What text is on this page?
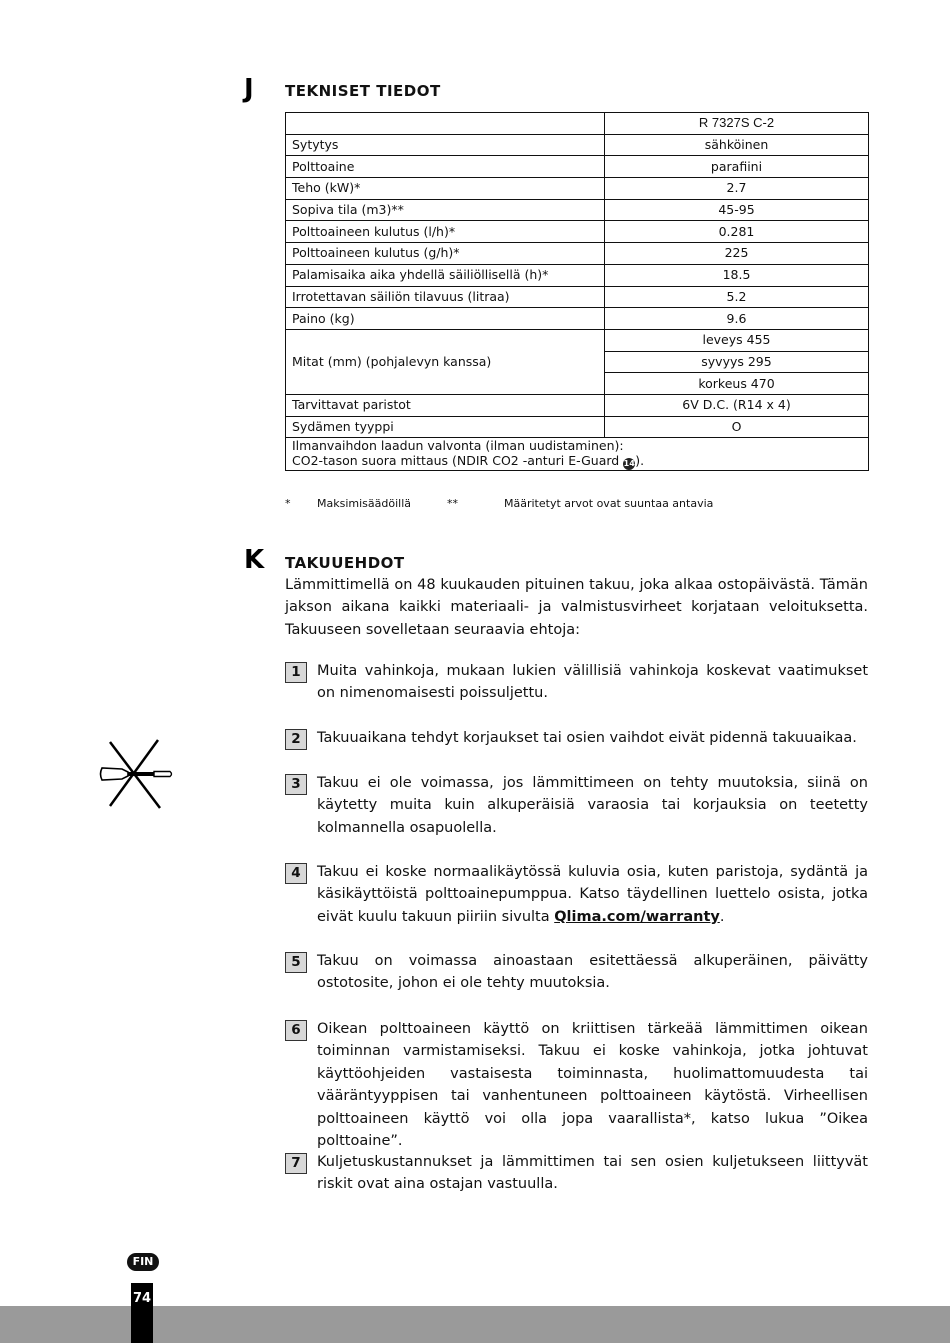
J TEKNISET TIEDOT
	R 7327S C-2
Sytytys	sähköinen
Polttoaine	parafiini
Teho (kW)*	2.7
Sopiva tila (m3)**	45-95
Polttoaineen kulutus (l/h)*	0.281
Polttoaineen kulutus (g/h)*	225
Palamisaika aika yhdellä säiliöllisellä (h)*	18.5
Irrotettavan säiliön tilavuus (litraa)	5.2
Paino (kg)	9.6
Mitat (mm) (pohjalevyn kanssa)	leveys 455
	syvyys 295
	korkeus 470
Tarvittavat paristot	6V D.C. (R14 x 4)
Sydämen tyyppi	O

Ilmanvaihdon laadun valvonta (ilman uudistaminen):
CO2-tason suora mittaus (NDIR CO2 -anturi E-Guard 14).	
* Maksimisäädöillä	**	Määritetyt arvot ovat suuntaa antavia
K TAKUUEHDOT
Lämmittimellä on 48 kuukauden pituinen takuu, joka alkaa ostopäivästä. Tämän jakson aikana kaikki materiaali- ja valmistusvirheet korjataan veloituksetta. Takuuseen sovelletaan seuraavia ehtoja:
1	Muita vahinkoja, mukaan lukien välillisiä vahinkoja koskevat vaatimukset on nimenomaisesti poissuljettu.
2	Takuuaikana tehdyt korjaukset tai osien vaihdot eivät pidennä takuuaikaa.
3	Takuu ei ole voimassa, jos lämmittimeen on tehty muutoksia, siinä on käytetty muita kuin alkuperäisiä varaosia tai korjauksia on teetetty kolmannella osapuolella.
4	Takuu ei koske normaalikäytössä kuluvia osia, kuten paristoja, sydäntä ja käsikäyttöistä polttoainepumppua. Katso täydellinen luettelo osista, jotka eivät kuulu takuun piiriin sivulta Qlima.com/warranty.
5	Takuu on voimassa ainoastaan esitettäessä alkuperäinen, päivätty ostotosite, johon ei ole tehty muutoksia.
6	Oikean polttoaineen käyttö on kriittisen tärkeää lämmittimen oikean toiminnan varmistamiseksi. Takuu ei koske vahinkoja, jotka johtuvat käyttöohjeiden vastaisesta toiminnasta, huolimattomuudesta tai vääräntyyppisen tai vanhentuneen polttoaineen käytöstä. Virheellisen polttoaineen käyttö voi olla jopa vaarallista*, katso lukua ”Oikea polttoaine”.
7	Kuljetuskustannukset ja lämmittimen tai sen osien kuljetukseen liittyvät riskit ovat aina ostajan vastuulla.
FIN
74
